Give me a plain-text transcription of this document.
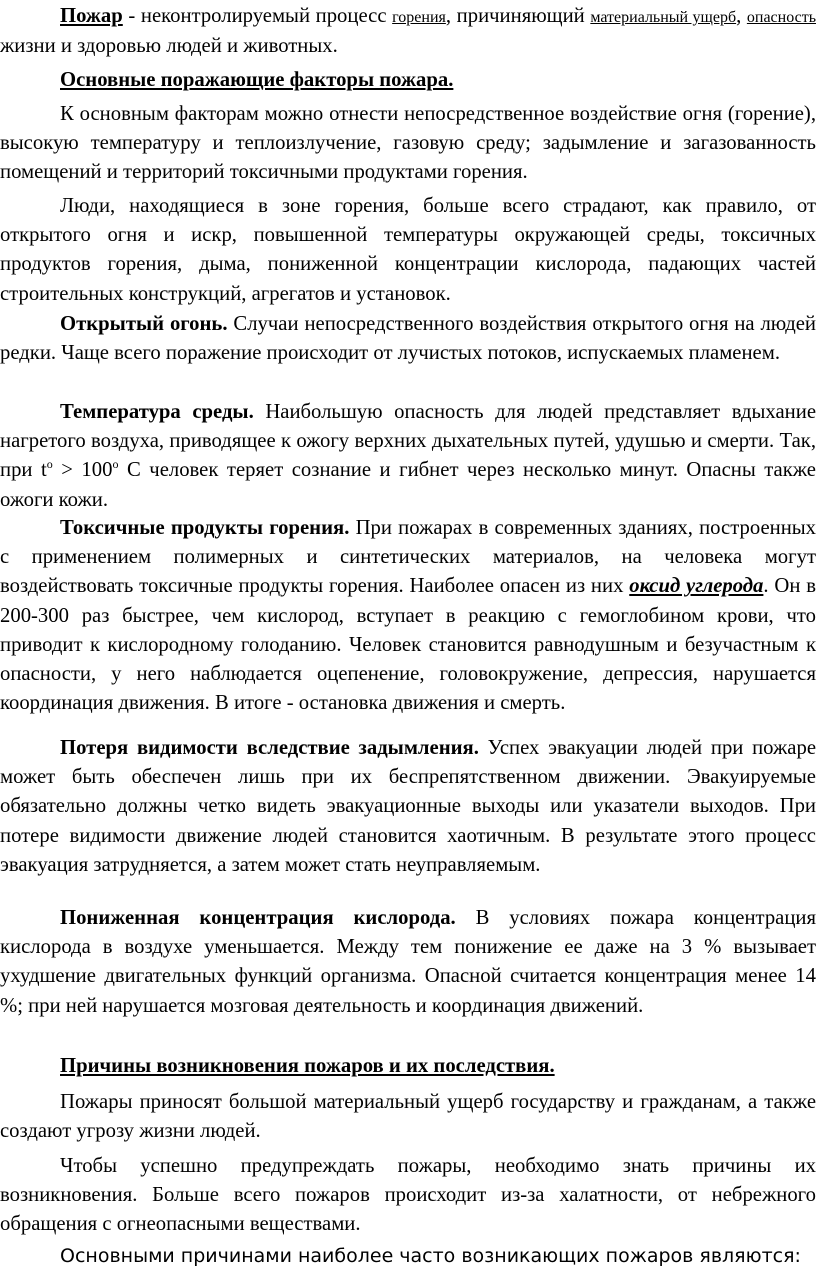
Пожар - неконтролируемый процесс горения, причиняющий материальный ущерб, опасность жизни и здоровью людей и животных.

Основные поражающие факторы пожара.

К основным факторам можно отнести непосредственное воздействие огня (горение), высокую температуру и теплоизлучение, газовую среду; задымление и загазованность помещений и территорий токсичными продуктами горения.

Люди, находящиеся в зоне горения, больше всего страдают, как правило, от открытого огня и искр, повышенной температуры окружающей среды, токсичных продуктов горения, дыма, пониженной концентрации кислорода, падающих частей строительных конструкций, агрегатов и установок.

Открытый огонь. Случаи непосредственного воздействия открытого огня на людей редки. Чаще всего поражение происходит от лучистых потоков, испускаемых пламенем.

Температура среды. Наибольшую опасность для людей представляет вдыхание нагретого воздуха, приводящее к ожогу верхних дыхательных путей, удушью и смерти. Так, при $t^o > 100^o$ С человек теряет сознание и гибнет через несколько минут. Опасны также ожоги кожи.

Токсичные продукты горения. При пожарах в современных зданиях, построенных с применением полимерных и синтетических материалов, на человека могут воздействовать токсичные продукты горения. Наиболее опасен из них оксид углерода. Он в 200-300 раз быстрее, чем кислород, вступает в реакцию с гемоглобином крови, что приводит к кислородному голоданию. Человек становится равнодушным и безучастным к опасности, у него наблюдается оцепенение, головокружение, депрессия, нарушается координация движения. В итоге - остановка движения и смерть.

Потеря видимости вследствие задымления. Успех эвакуации людей при пожаре может быть обеспечен лишь при их беспрепятственном движении. Эвакуируемые обязательно должны четко видеть эвакуационные выходы или указатели выходов. При потере видимости движение людей становится хаотичным. В результате этого процесс эвакуация затрудняется, а затем может стать неуправляемым.

Пониженная концентрация кислорода. В условиях пожара концентрация кислорода в воздухе уменьшается. Между тем понижение ее даже на 3 % вызывает ухудшение двигательных функций организма. Опасной считается концентрация менее 14 %; при ней нарушается мозговая деятельность и координация движений.

Причины возникновения пожаров и их последствия.

Пожары приносят большой материальный ущерб государству и гражданам, а также создают угрозу жизни людей.

Чтобы успешно предупреждать пожары, необходимо знать причины их возникновения. Больше всего пожаров происходит из-за халатности, от небрежного обращения с огнеопасными веществами.

Основными причинами наиболее часто возникающих пожаров являются:
